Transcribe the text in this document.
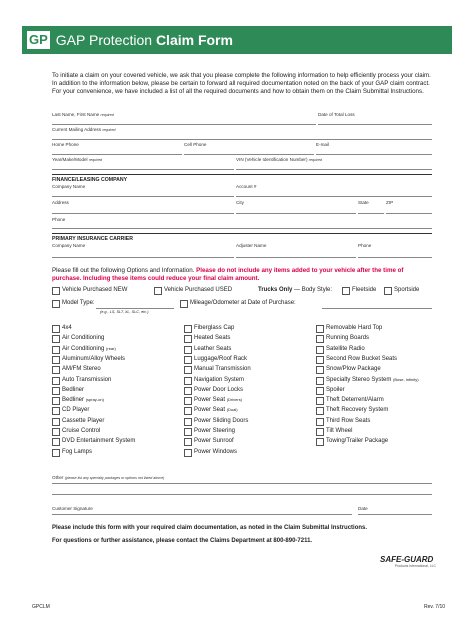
GP GAP Protection Claim Form
To initiate a claim on your covered vehicle, we ask that you please complete the following information to help efficiently process your claim. In addition to the information below, please be certain to forward all required documentation noted on the back of your GAP claim contract. For your convenience, we have included a list of all the required documents and how to obtain them on the Claim Submittal Instructions.
Last Name, First Name required	Date of Total Loss
Current Mailing Address required
Home Phone	Cell Phone	E-mail
Year/Make/Model required	VIN (Vehicle Identification Number) required
FINANCE/LEASING COMPANY
Company Name	Account #
Address	City	State	ZIP
Phone
PRIMARY INSURANCE CARRIER
Company Name	Adjuster Name	Phone
Please fill out the following Options and Information. Please do not include any items added to your vehicle after the time of purchase. Including these items could reduce your final claim amount.
Vehicle Purchased NEW	Vehicle Purchased USED	Trucks Only — Body Style:	Fleetside	Sportside
Model Type:
(e.g., LS, SLT, XL, SLC, etc.)
Mileage/Odometer at Date of Purchase:
4x4
Air Conditioning
Air Conditioning (rear)
Aluminum/Alloy Wheels
AM/FM Stereo
Auto Transmission
Bedliner
Bedliner (spray-on)
CD Player
Cassette Player
Cruise Control
DVD Entertainment System
Fog Lamps
Fiberglass Cap
Heated Seats
Leather Seats
Luggage/Roof Rack
Manual Transmission
Navigation System
Power Door Locks
Power Seat (Drivers)
Power Seat (Dual)
Power Sliding Doors
Power Steering
Power Sunroof
Power Windows
Removable Hard Top
Running Boards
Satellite Radio
Second Row Bucket Seats
Snow/Plow Package
Specialty Stereo System (Bose, Infinity)
Spoiler
Theft Deterrent/Alarm
Theft Recovery System
Third Row Seats
Tilt Wheel
Towing/Trailer Package
Other (please list any specialty packages or options not listed above)
Customer Signature	Date
Please include this form with your required claim documentation, as noted in the Claim Submittal Instructions.
For questions or further assistance, please contact the Claims Department at 800-890-7211.
SAFE-GUARD
Products International, LLC
GPCLM	Rev. 7/10
